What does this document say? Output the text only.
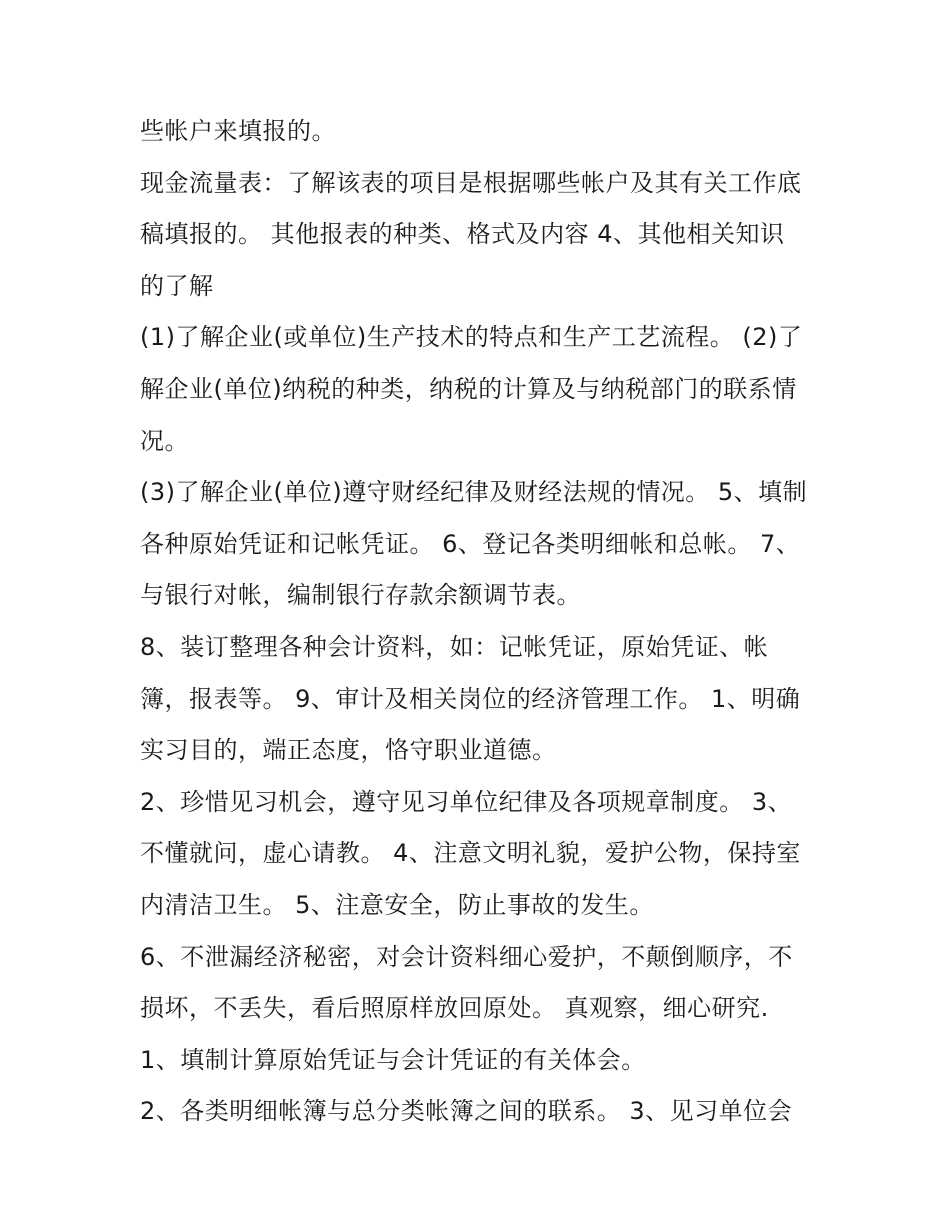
些帐户来填报的。
现金流量表：了解该表的项目是根据哪些帐户及其有关工作底
稿填报的。 其他报表的种类、格式及内容 4、其他相关知识
的了解
(1)了解企业(或单位)生产技术的特点和生产工艺流程。 (2)了
解企业(单位)纳税的种类，纳税的计算及与纳税部门的联系情
况。
(3)了解企业(单位)遵守财经纪律及财经法规的情况。 5、填制
各种原始凭证和记帐凭证。 6、登记各类明细帐和总帐。 7、
与银行对帐，编制银行存款余额调节表。
8、装订整理各种会计资料，如：记帐凭证，原始凭证、帐
簿，报表等。 9、审计及相关岗位的经济管理工作。 1、明确
实习目的，端正态度，恪守职业道德。
2、珍惜见习机会，遵守见习单位纪律及各项规章制度。 3、
不懂就问，虚心请教。 4、注意文明礼貌，爱护公物，保持室
内清洁卫生。 5、注意安全，防止事故的发生。
6、不泄漏经济秘密，对会计资料细心爱护，不颠倒顺序，不
损坏，不丢失，看后照原样放回原处。 真观察，细心研究.
1、填制计算原始凭证与会计凭证的有关体会。
2、各类明细帐簿与总分类帐簿之间的联系。 3、见习单位会
